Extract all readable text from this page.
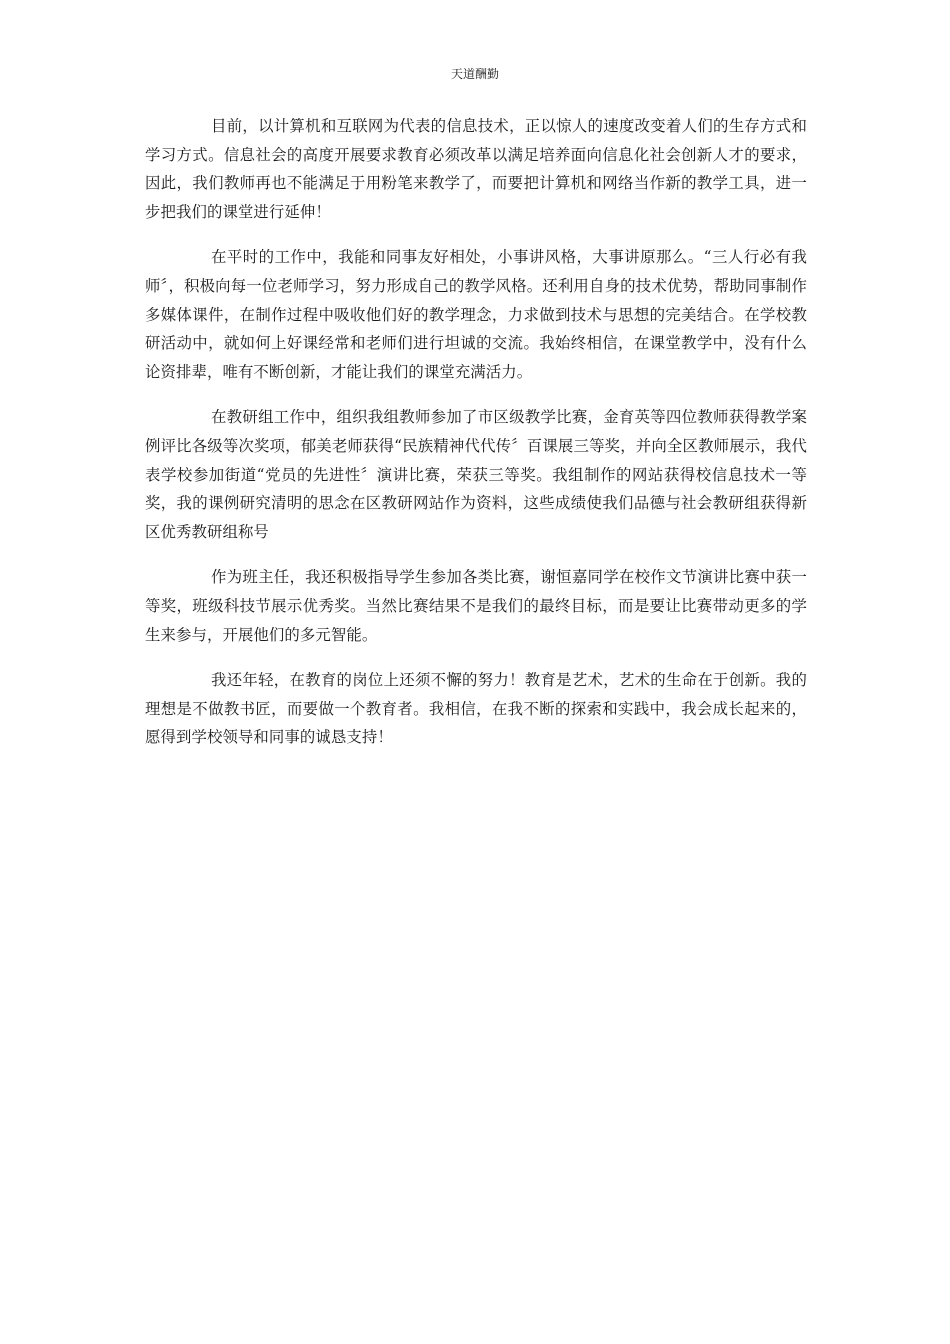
天道酬勤

目前，以计算机和互联网为代表的信息技术，正以惊人的速度改变着人们的生存方式和学习方式。信息社会的高度开展要求教育必须改革以满足培养面向信息化社会创新人才的要求，因此，我们教师再也不能满足于用粉笔来教学了，而要把计算机和网络当作新的教学工具，进一步把我们的课堂进行延伸！

在平时的工作中，我能和同事友好相处，小事讲风格，大事讲原那么。“三人行必有我师〞，积极向每一位老师学习，努力形成自己的教学风格。还利用自身的技术优势，帮助同事制作多媒体课件，在制作过程中吸收他们好的教学理念，力求做到技术与思想的完美结合。在学校教研活动中，就如何上好课经常和老师们进行坦诚的交流。我始终相信，在课堂教学中，没有什么论资排辈，唯有不断创新，才能让我们的课堂充满活力。

在教研组工作中，组织我组教师参加了市区级教学比赛，金育英等四位教师获得教学案例评比各级等次奖项，郁美老师获得“民族精神代代传〞百课展三等奖，并向全区教师展示，我代表学校参加街道“党员的先进性〞演讲比赛，荣获三等奖。我组制作的网站获得校信息技术一等奖，我的课例研究清明的思念在区教研网站作为资料，这些成绩使我们品德与社会教研组获得新区优秀教研组称号

作为班主任，我还积极指导学生参加各类比赛，谢恒嘉同学在校作文节演讲比赛中获一等奖，班级科技节展示优秀奖。当然比赛结果不是我们的最终目标，而是要让比赛带动更多的学生来参与，开展他们的多元智能。

我还年轻，在教育的岗位上还须不懈的努力！教育是艺术，艺术的生命在于创新。我的理想是不做教书匠，而要做一个教育者。我相信，在我不断的探索和实践中，我会成长起来的，愿得到学校领导和同事的诚恳支持！
